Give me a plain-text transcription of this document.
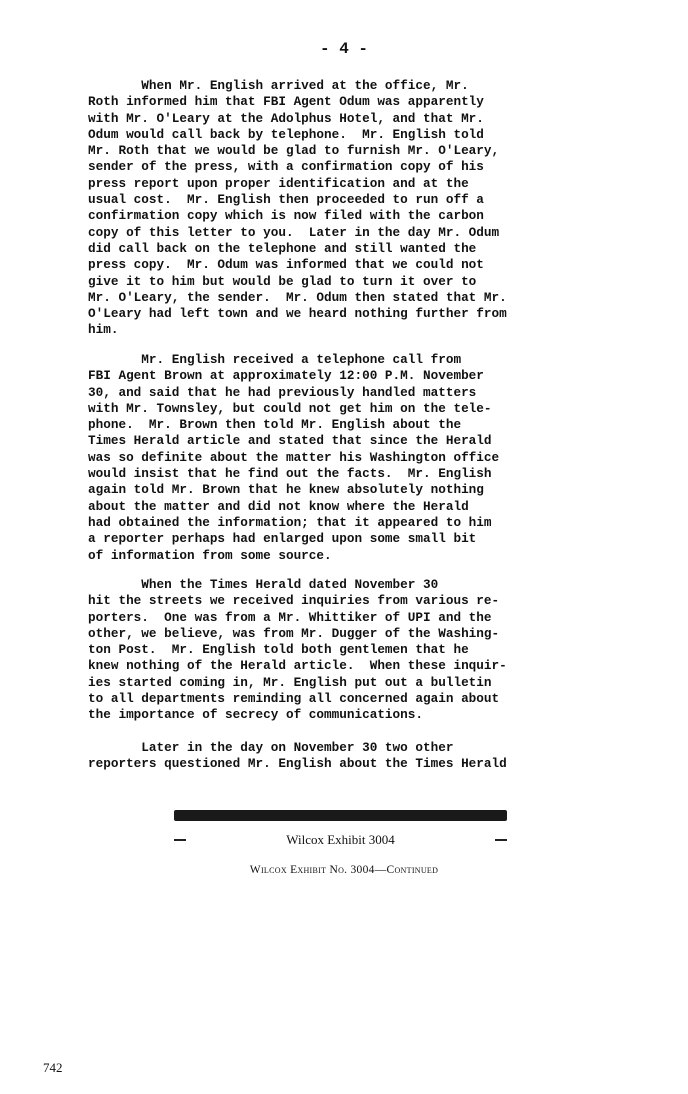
- 4 -
When Mr. English arrived at the office, Mr.
Roth informed him that FBI Agent Odum was apparently
with Mr. O'Leary at the Adolphus Hotel, and that Mr.
Odum would call back by telephone.  Mr. English told
Mr. Roth that we would be glad to furnish Mr. O'Leary,
sender of the press, with a confirmation copy of his
press report upon proper identification and at the
usual cost.  Mr. English then proceeded to run off a
confirmation copy which is now filed with the carbon
copy of this letter to you.  Later in the day Mr. Odum
did call back on the telephone and still wanted the
press copy.  Mr. Odum was informed that we could not
give it to him but would be glad to turn it over to
Mr. O'Leary, the sender.  Mr. Odum then stated that Mr.
O'Leary had left town and we heard nothing further from
him.
Mr. English received a telephone call from
FBI Agent Brown at approximately 12:00 P.M. November
30, and said that he had previously handled matters
with Mr. Townsley, but could not get him on the tele-
phone.  Mr. Brown then told Mr. English about the
Times Herald article and stated that since the Herald
was so definite about the matter his Washington office
would insist that he find out the facts.  Mr. English
again told Mr. Brown that he knew absolutely nothing
about the matter and did not know where the Herald
had obtained the information; that it appeared to him
a reporter perhaps had enlarged upon some small bit
of information from some source.
When the Times Herald dated November 30
hit the streets we received inquiries from various re-
porters.  One was from a Mr. Whittiker of UPI and the
other, we believe, was from Mr. Dugger of the Washing-
ton Post.  Mr. English told both gentlemen that he
knew nothing of the Herald article.  When these inquir-
ies started coming in, Mr. English put out a bulletin
to all departments reminding all concerned again about
the importance of secrecy of communications.
Later in the day on November 30 two other
reporters questioned Mr. English about the Times Herald
Wilcox Exhibit 3004
Wilcox Exhibit No. 3004—Continued
742
